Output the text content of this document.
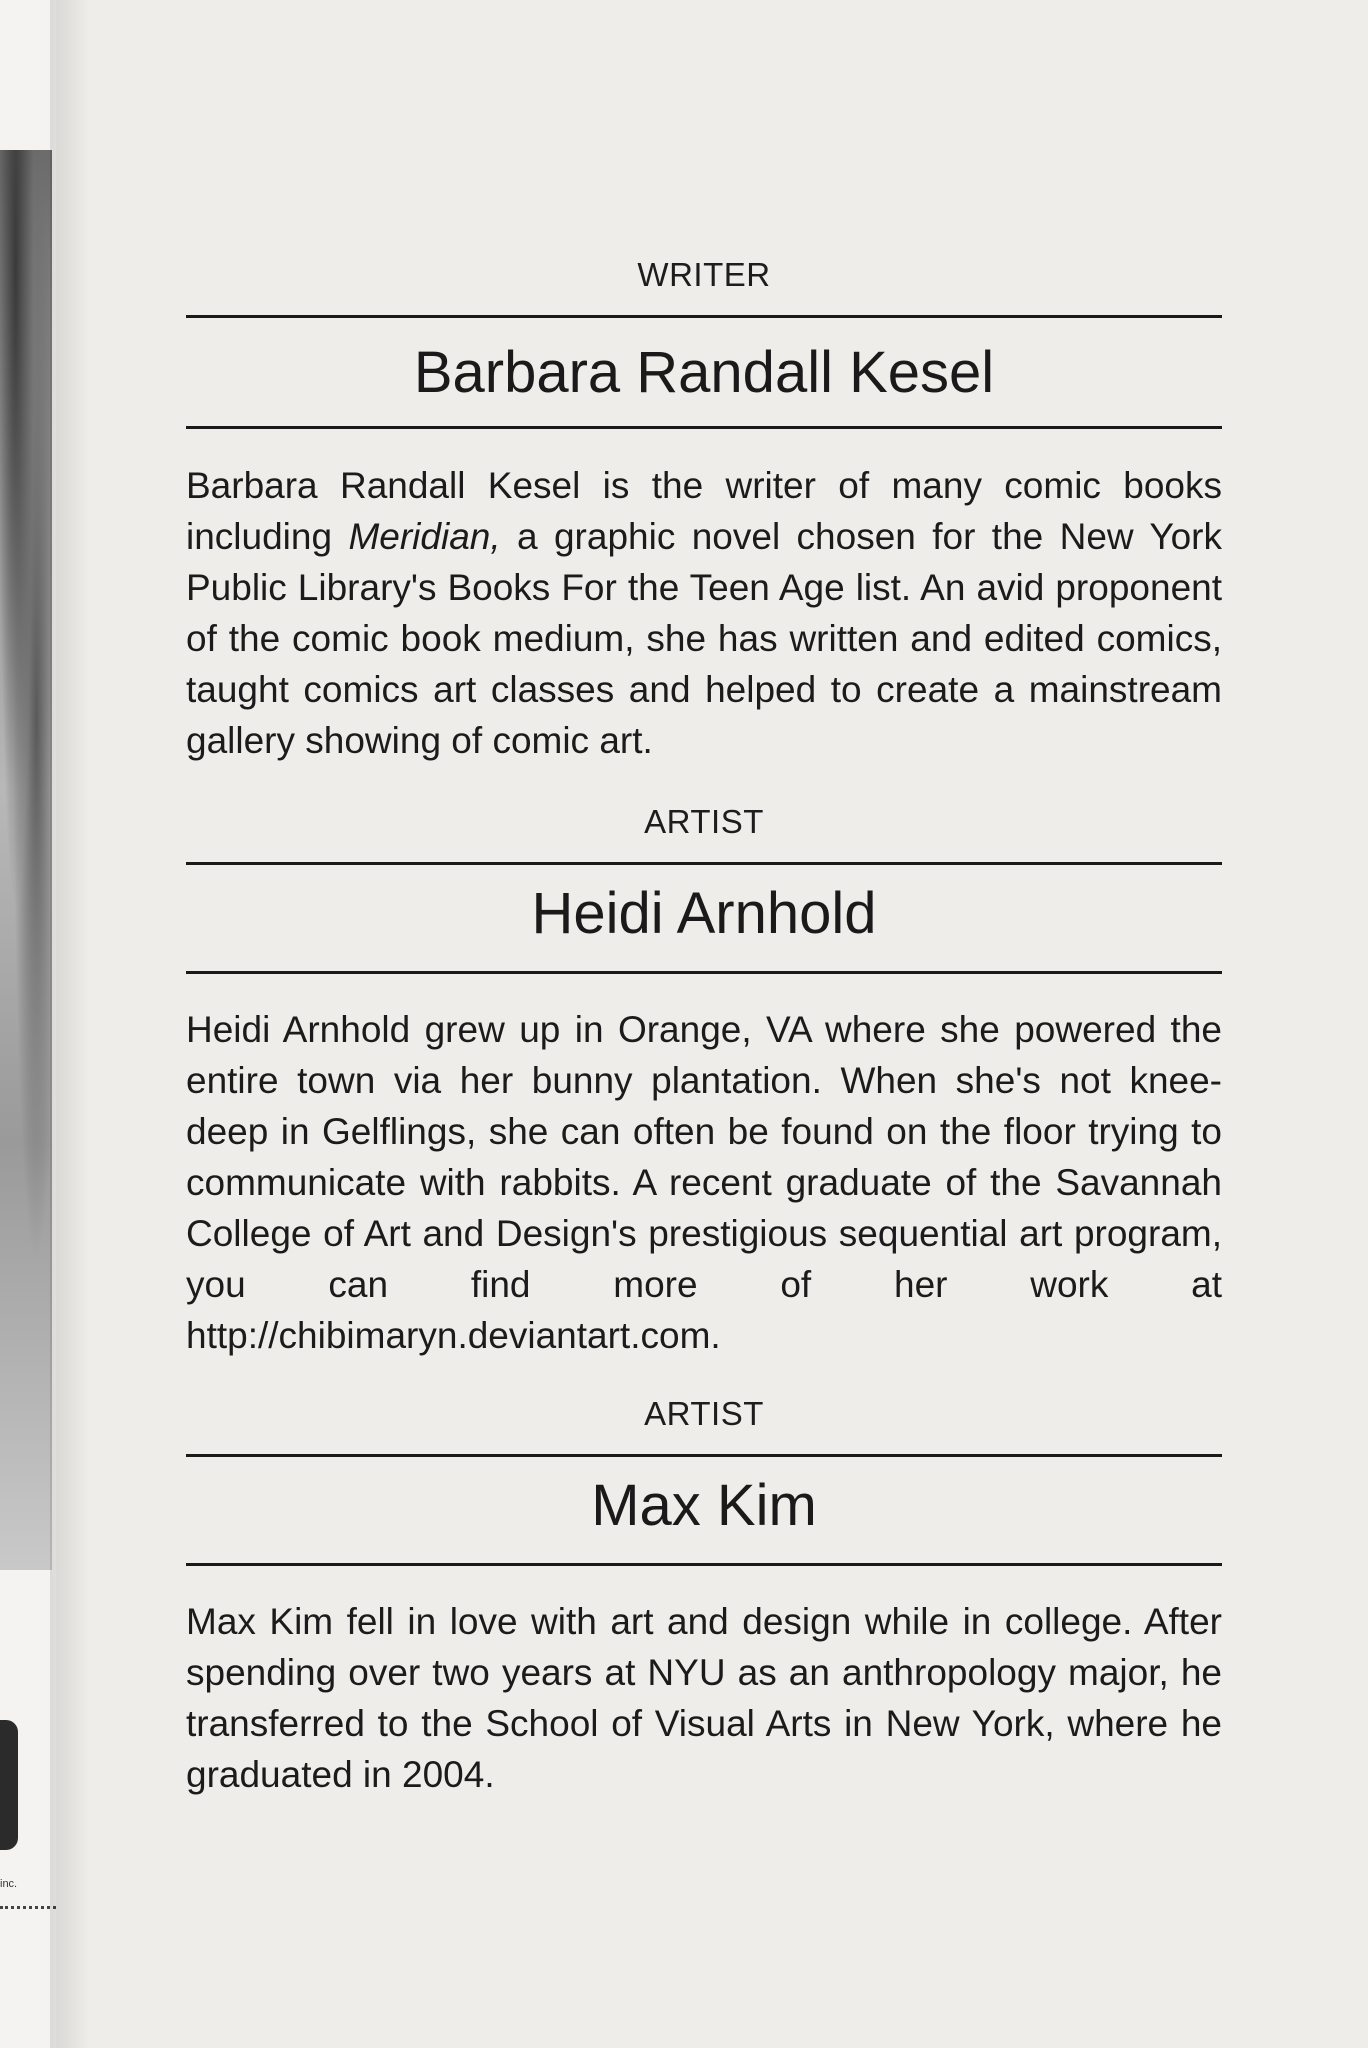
inc.
WRITER
Barbara Randall Kesel
Barbara Randall Kesel is the writer of many comic books including Meridian, a graphic novel chosen for the New York Public Library's Books For the Teen Age list. An avid proponent of the comic book medium, she has written and edited comics, taught comics art classes and helped to create a mainstream gallery showing of comic art.
ARTIST
Heidi Arnhold
Heidi Arnhold grew up in Orange, VA where she powered the entire town via her bunny plantation. When she's not knee-deep in Gelflings, she can often be found on the floor trying to communicate with rabbits. A recent graduate of the Savannah College of Art and Design's prestigious sequential art program, you can find more of her work at http://chibimaryn.deviantart.com.
ARTIST
Max Kim
Max Kim fell in love with art and design while in college. After spending over two years at NYU as an anthropology major, he transferred to the School of Visual Arts in New York, where he graduated in 2004.
